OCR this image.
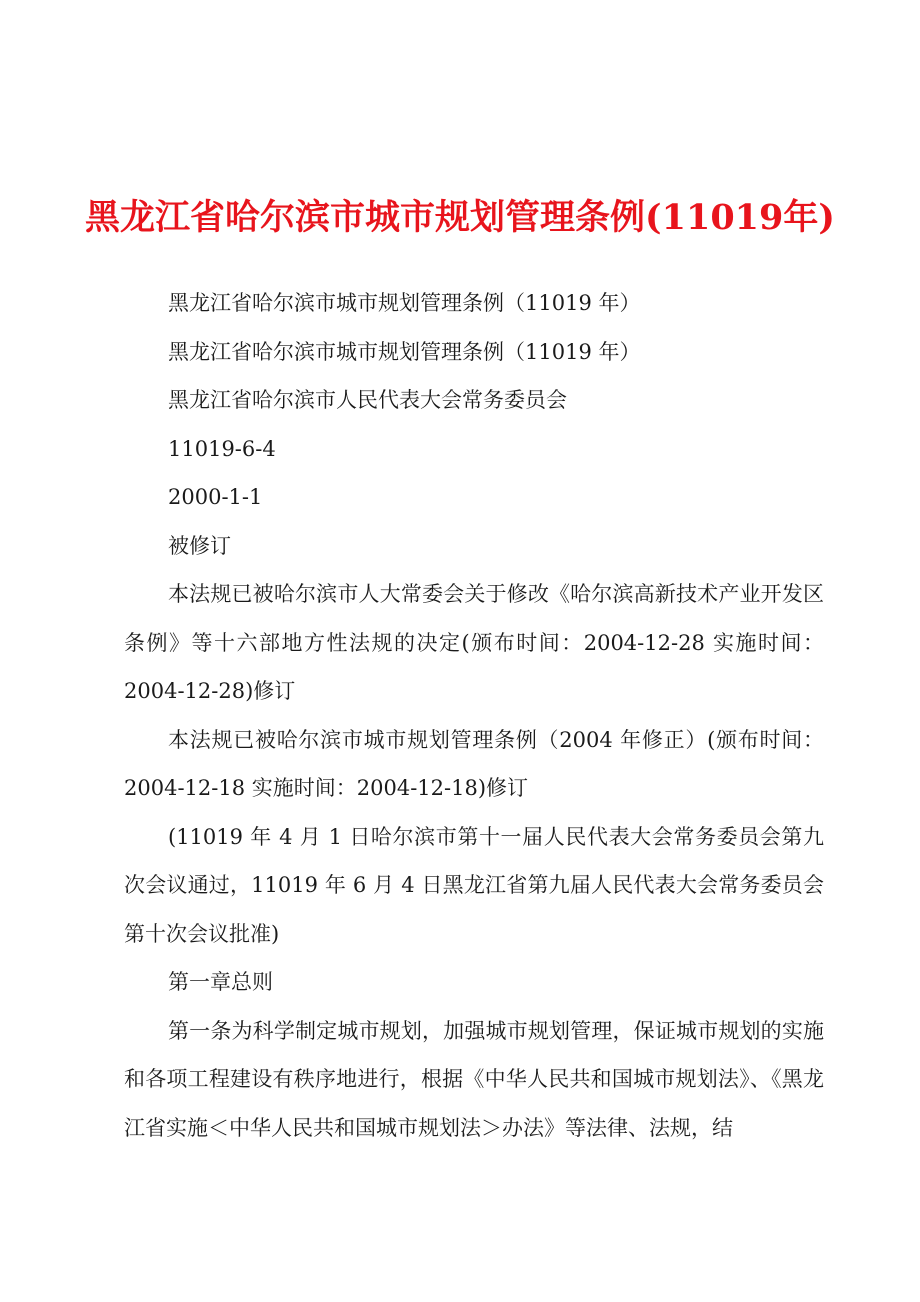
黑龙江省哈尔滨市城市规划管理条例(11019年)

黑龙江省哈尔滨市城市规划管理条例（11019 年）

黑龙江省哈尔滨市城市规划管理条例（11019 年）

黑龙江省哈尔滨市人民代表大会常务委员会

11019-6-4

2000-1-1

被修订

本法规已被哈尔滨市人大常委会关于修改《哈尔滨高新技术产业开发区条例》等十六部地方性法规的决定(颁布时间：2004-12-28 实施时间：2004-12-28)修订

本法规已被哈尔滨市城市规划管理条例（2004 年修正）(颁布时间：2004-12-18 实施时间：2004-12-18)修订

(11019 年 4 月 1 日哈尔滨市第十一届人民代表大会常务委员会第九次会议通过，11019 年 6 月 4 日黑龙江省第九届人民代表大会常务委员会第十次会议批准)

第一章总则

第一条为科学制定城市规划，加强城市规划管理，保证城市规划的实施和各项工程建设有秩序地进行，根据《中华人民共和国城市规划法》、《黑龙江省实施＜中华人民共和国城市规划法＞办法》等法律、法规，结
